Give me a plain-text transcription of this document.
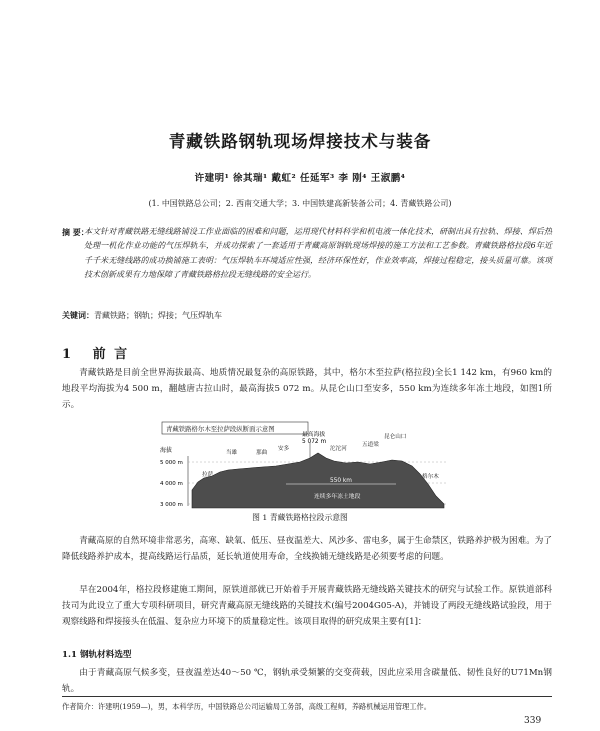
青藏铁路钢轨现场焊接技术与装备
许建明¹ 徐其瑞¹ 戴虹² 任延军³ 李 刚⁴ 王淑鹏⁴
(1. 中国铁路总公司；2. 西南交通大学；3. 中国铁建高新装备公司；4. 青藏铁路公司)
摘 要：
本文针对青藏铁路无缝线路铺设工作业面临的困难和问题，运用现代材料科学和机电液一体化技术，研制出具有拉轨、焊接、焊后热处理一机化作业功能的气压焊轨车，并成功探索了一套适用于青藏高原钢轨现场焊接的施工方法和工艺参数。青藏铁路格拉段6年近千千米无缝线路的成功换铺施工表明：气压焊轨车环境适应性强，经济环保性好，作业效率高，焊接过程稳定，接头质量可靠。该项技术创新成果有力地保障了青藏铁路格拉段无缝线路的安全运行。
关键词：青藏铁路；钢轨；焊接；气压焊轨车
1 前 言

青藏铁路是目前全世界海拔最高、地质情况最复杂的高原铁路，其中，格尔木至拉萨(格拉段)全长1 142 km，有960 km的地段平均海拔为4 500 m，翻越唐古拉山时，最高海拔5 072 m。从昆仑山口至安多，550 km为连续多年冻土地段，如图1所示。

青藏铁路格尔木至拉萨段纵断面示意图
海拔
5 000 m
4 000 m
3 000 m
最高海拔
5 072 m
拉萨
当雄	那曲
安多	沱沱河
五道梁
昆仑山口
格尔木
550 km
连续多年冻土地段
图 1 青藏铁路格拉段示意图

青藏高原的自然环境非常恶劣，高寒、缺氧、低压、昼夜温差大、风沙多、雷电多，属于生命禁区，铁路养护极为困难。为了降低线路养护成本，提高线路运行品质，延长轨道使用寿命，全线换铺无缝线路是必须要考虑的问题。

早在2004年，格拉段修建施工期间，原铁道部就已开始着手开展青藏铁路无缝线路关键技术的研究与试验工作。原铁道部科技司为此设立了重大专项科研项目，研究青藏高原无缝线路的关键技术(编号2004G05-A)，并铺设了两段无缝线路试验段，用于观察线路和焊接接头在低温、复杂应力环境下的质量稳定性。该项目取得的研究成果主要有[1]：

1.1 钢轨材料选型

由于青藏高原气候多变，昼夜温差达40～50 ℃，钢轨承受频繁的交变荷载，因此应采用含碳量低、韧性良好的U71Mn钢轨。

作者简介：许建明(1959—)，男，本科学历，中国铁路总公司运输局工务部，高级工程师，养路机械运用管理工作。
339
